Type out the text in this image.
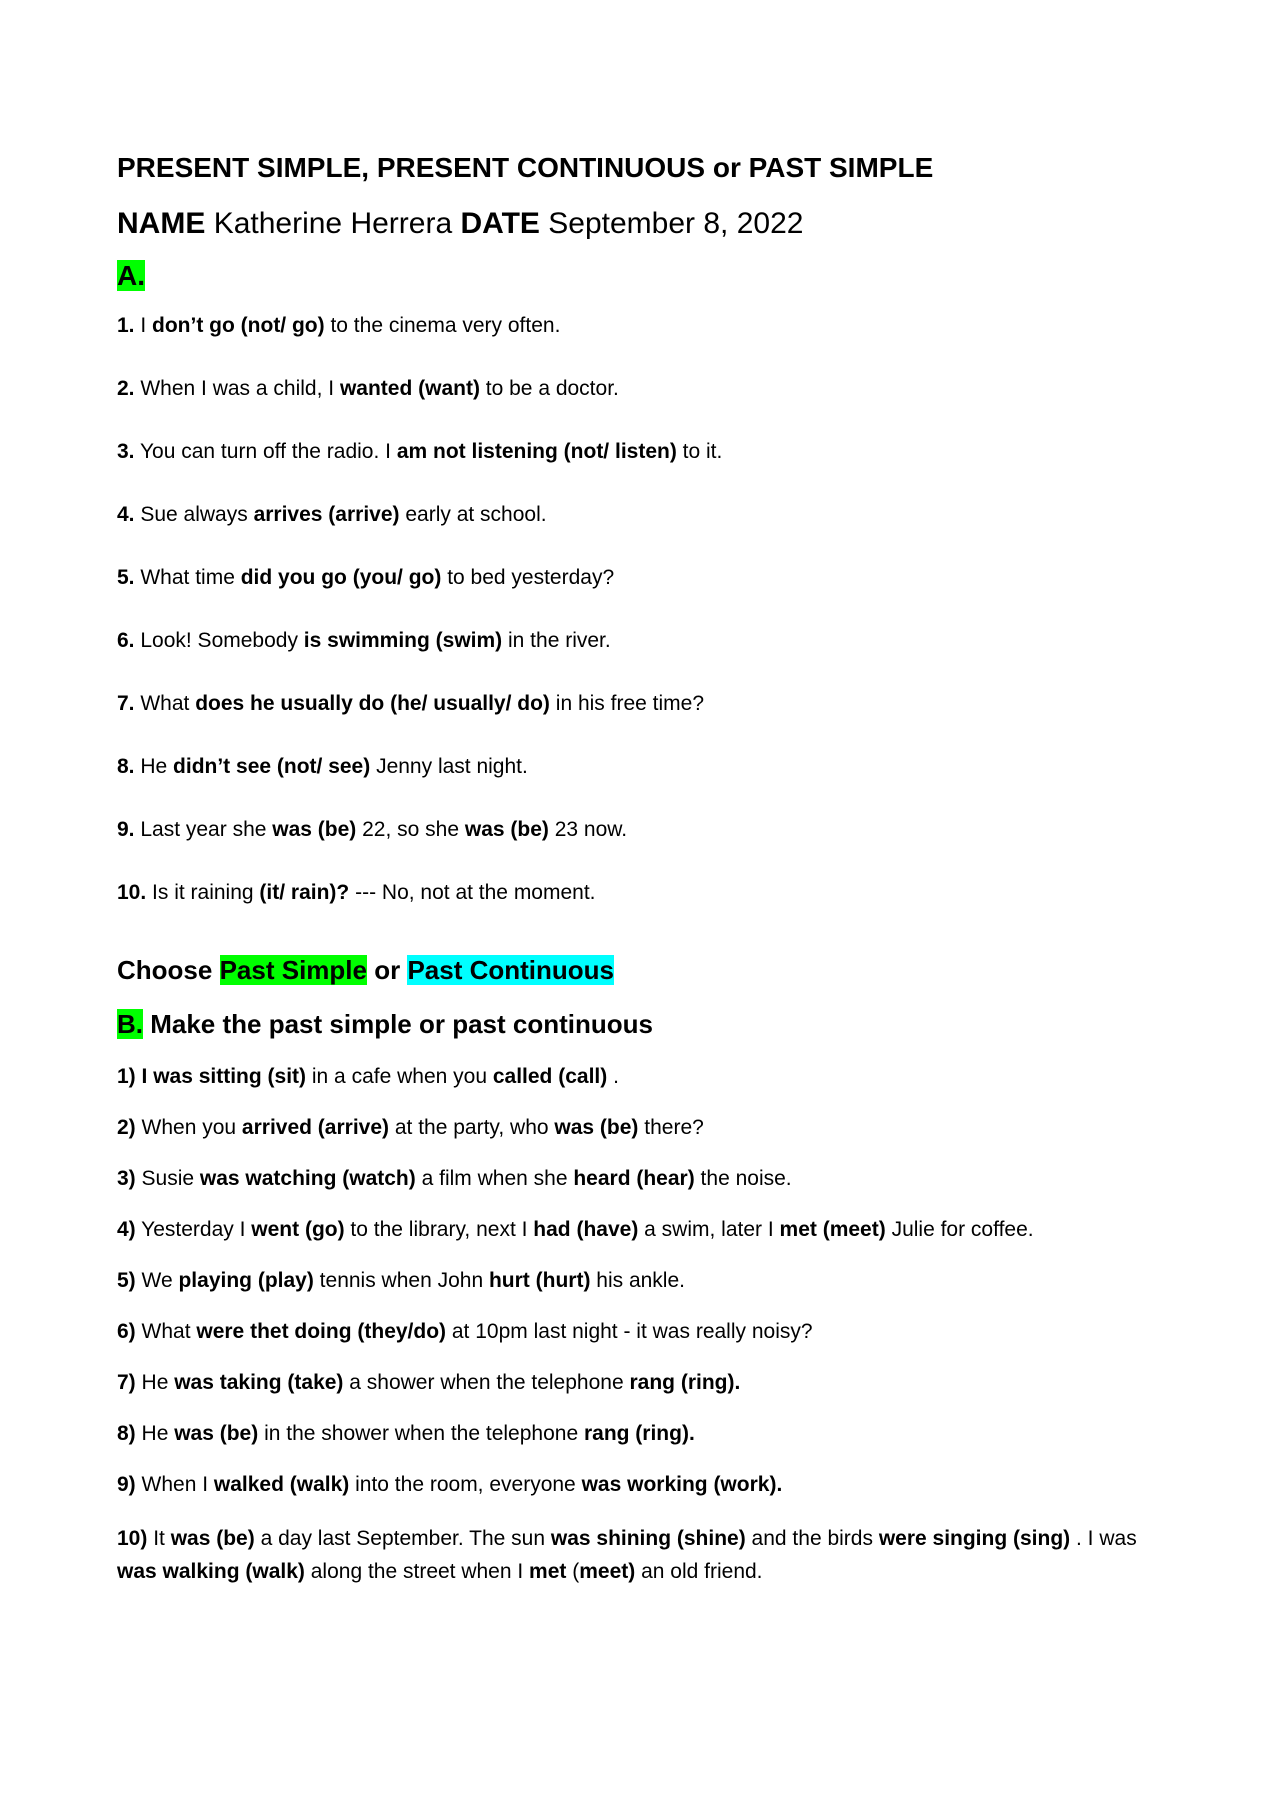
PRESENT SIMPLE, PRESENT CONTINUOUS or PAST SIMPLE
NAME Katherine Herrera DATE September 8, 2022
A.
1. I don’t go (not/ go) to the cinema very often.
2. When I was a child, I wanted (want) to be a doctor.
3. You can turn off the radio. I am not listening (not/ listen) to it.
4. Sue always arrives (arrive) early at school.
5. What time did you go (you/ go) to bed yesterday?
6. Look! Somebody is swimming (swim) in the river.
7. What does he usually do (he/ usually/ do) in his free time?
8. He didn’t see (not/ see) Jenny last night.
9. Last year she was (be) 22, so she was (be) 23 now.
10. Is it raining (it/ rain)? --- No, not at the moment.
Choose Past Simple or Past Continuous
B. Make the past simple or past continuous
1) I was sitting (sit) in a cafe when you called (call) .
2) When you arrived (arrive) at the party, who was (be) there?
3) Susie was watching (watch) a film when she heard (hear) the noise.
4) Yesterday I went (go) to the library, next I had (have) a swim, later I met (meet) Julie for coffee.
5) We playing (play) tennis when John hurt (hurt) his ankle.
6) What were thet doing (they/do) at 10pm last night - it was really noisy?
7) He was taking (take) a shower when the telephone rang (ring).
8) He was (be) in the shower when the telephone rang (ring).
9) When I walked (walk) into the room, everyone was working (work).
10) It was (be) a day last September. The sun was shining (shine) and the birds were singing (sing) . I was
was walking (walk) along the street when I met (meet) an old friend.
